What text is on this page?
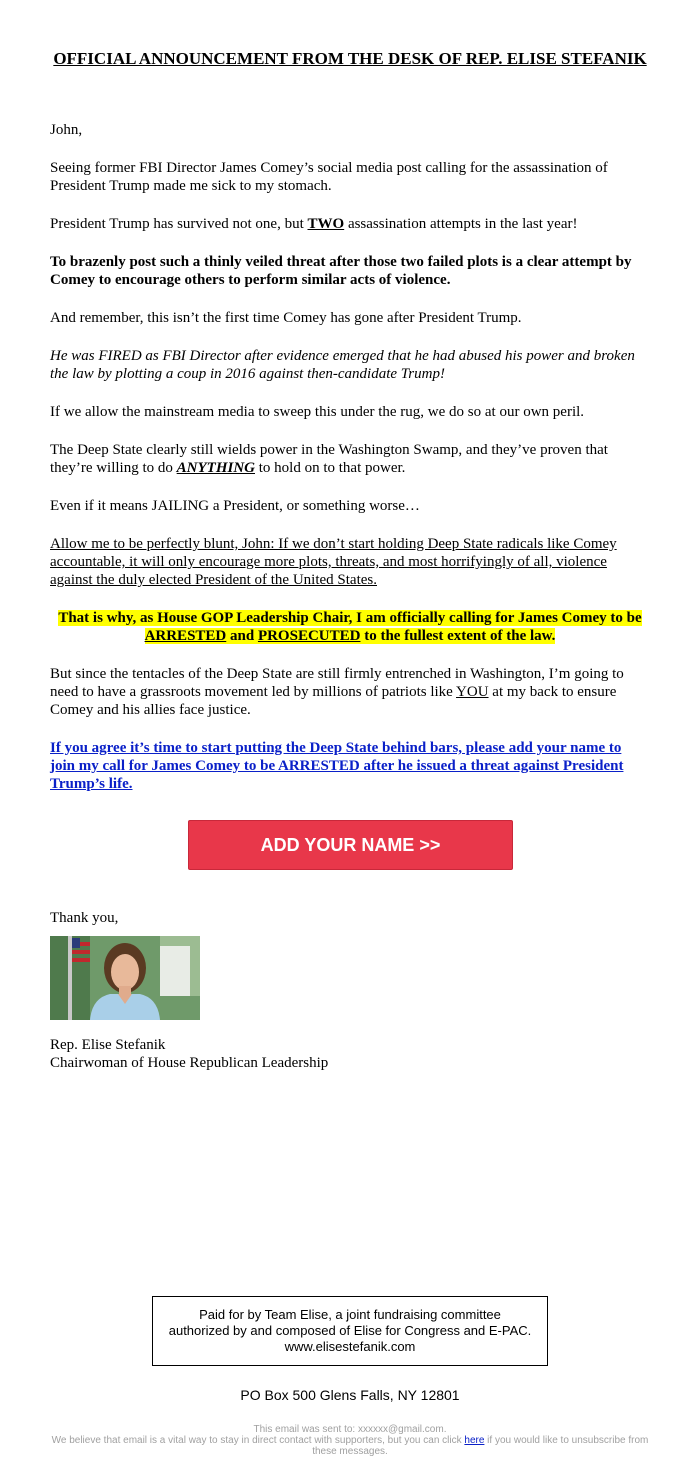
OFFICIAL ANNOUNCEMENT FROM THE DESK OF REP. ELISE STEFANIK

John,

Seeing former FBI Director James Comey’s social media post calling for the assassination of President Trump made me sick to my stomach.

President Trump has survived not one, but TWO assassination attempts in the last year!

To brazenly post such a thinly veiled threat after those two failed plots is a clear attempt by Comey to encourage others to perform similar acts of violence.

And remember, this isn’t the first time Comey has gone after President Trump.

He was FIRED as FBI Director after evidence emerged that he had abused his power and broken the law by plotting a coup in 2016 against then-candidate Trump!

If we allow the mainstream media to sweep this under the rug, we do so at our own peril.

The Deep State clearly still wields power in the Washington Swamp, and they’ve proven that they’re willing to do ANYTHING to hold on to that power.

Even if it means JAILING a President, or something worse…

Allow me to be perfectly blunt, John: If we don’t start holding Deep State radicals like Comey accountable, it will only encourage more plots, threats, and most horrifyingly of all, violence against the duly elected President of the United States.

That is why, as House GOP Leadership Chair, I am officially calling for James Comey to be ARRESTED and PROSECUTED to the fullest extent of the law.

But since the tentacles of the Deep State are still firmly entrenched in Washington, I’m going to need to have a grassroots movement led by millions of patriots like YOU at my back to ensure Comey and his allies face justice.

If you agree it’s time to start putting the Deep State behind bars, please add your name to join my call for James Comey to be ARRESTED after he issued a threat against President Trump’s life.

ADD YOUR NAME >>
Thank you,
Rep. Elise Stefanik
Chairwoman of House Republican Leadership
Paid for by Team Elise, a joint fundraising committee authorized by and composed of Elise for Congress and E-PAC. www.elisestefanik.com
PO Box 500 Glens Falls, NY 12801
This email was sent to: xxxxxx@gmail.com.
We believe that email is a vital way to stay in direct contact with supporters, but you can click here if you would like to unsubscribe from these messages.
